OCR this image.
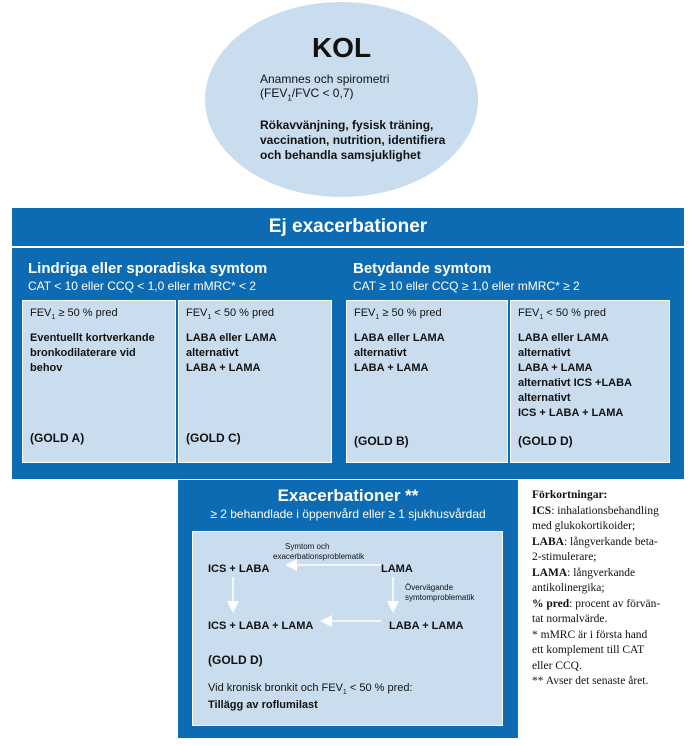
KOL
Anamnes och spirometri
($FEV_1$/FVC < 0,7)
Rökavvänjning, fysisk träning,
vaccination, nutrition, identifiera
och behandla samsjuklighet
Ej exacerbationer
Lindriga eller sporadiska symtom
CAT < 10 eller CCQ < 1,0 eller mMRC* < 2
$FEV_1 \ge 50$ % pred
Eventuellt kortverkande
bronkodilaterare vid
behov
(GOLD A)
$FEV_1 < 50$ % pred
LABA eller LAMA
alternativt
LABA + LAMA
(GOLD C)
Betydande symtom
CAT ≥ 10 eller CCQ ≥ 1,0 eller mMRC* ≥ 2
$FEV_1 \ge 50$ % pred
LABA eller LAMA
alternativt
LABA + LAMA
(GOLD B)
$FEV_1 < 50$ % pred
LABA eller LAMA
alternativt
LABA + LAMA
alternativt ICS +LABA
alternativt
ICS + LABA + LAMA
(GOLD D)
Exacerbationer **
≥ 2 behandlade i öppenvård eller ≥ 1 sjukhusvårdad
ICS + LABA	LAMA
Symtom och
exacerbationsproblematik
Övervägande
symtomproblematik
ICS + LABA + LAMA	LABA + LAMA
(GOLD D)
Vid kronisk bronkit och $FEV_1 < 50$ % pred:
Tillägg av roflumilast
Förkortningar:
ICS: inhalationsbehandling
med glukokortikoider;
LABA: långverkande beta-
2-stimulerare;
LAMA: långverkande
antikolinergika;
% pred: procent av förvän-
tat normalvärde.
* mMRC är i första hand
ett komplement till CAT
eller CCQ.
** Avser det senaste året.
